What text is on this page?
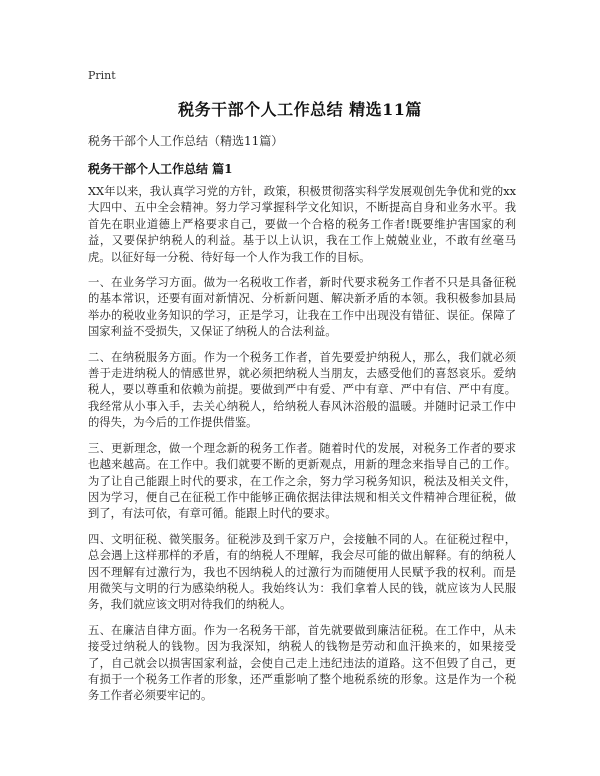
Print
税务干部个人工作总结 精选11篇
税务干部个人工作总结（精选11篇）
税务干部个人工作总结 篇1

XX年以来，我认真学习党的方针，政策，积极贯彻落实科学发展观创先争优和党的xx大四中、五中全会精神。努力学习掌握科学文化知识，不断提高自身和业务水平。我首先在职业道德上严格要求自己，要做一个合格的税务工作者!既要维护害国家的利益，又要保护纳税人的利益。基于以上认识，我在工作上兢兢业业，不敢有丝毫马虎。以征好每一分税、待好每一个人作为我工作的目标。

一、在业务学习方面。做为一名税收工作者，新时代要求税务工作者不只是具备征税的基本常识，还要有面对新情况、分析新问题、解决新矛盾的本领。我积极参加县局举办的税收业务知识的学习，正是学习，让我在工作中出现没有错征、误征。保障了国家利益不受损失，又保证了纳税人的合法利益。

二、在纳税服务方面。作为一个税务工作者，首先要爱护纳税人，那么，我们就必须善于走进纳税人的情感世界，就必须把纳税人当朋友，去感受他们的喜怒哀乐。爱纳税人，要以尊重和依赖为前提。要做到严中有爱、严中有章、严中有信、严中有度。我经常从小事入手，去关心纳税人，给纳税人春风沐浴般的温暖。并随时记录工作中的得失，为今后的工作提供借鉴。

三、更新理念，做一个理念新的税务工作者。随着时代的发展，对税务工作者的要求也越来越高。在工作中。我们就要不断的更新观点，用新的理念来指导自己的工作。为了让自己能跟上时代的要求，在工作之余，努力学习税务知识，税法及相关文件，因为学习，便自己在征税工作中能够正确依据法律法规和相关文件精神合理征税，做到了，有法可依，有章可循。能跟上时代的要求。

四、文明征税、微笑服务。征税涉及到千家万户，会接触不同的人。在征税过程中，总会遇上这样那样的矛盾，有的纳税人不理解，我会尽可能的做出解释。有的纳税人因不理解有过激行为，我也不因纳税人的过激行为而随便用人民赋予我的权利。而是用微笑与文明的行为感染纳税人。我始终认为：我们拿着人民的钱，就应该为人民服务，我们就应该文明对待我们的纳税人。

五、在廉洁自律方面。作为一名税务干部，首先就要做到廉洁征税。在工作中，从未接受过纳税人的钱物。因为我深知，纳税人的钱物是劳动和血汗换来的，如果接受了，自己就会以损害国家利益，会使自己走上违纪违法的道路。这不但毁了自己，更有损于一个税务工作者的形象，还严重影响了整个地税系统的形象。这是作为一个税务工作者必须要牢记的。
